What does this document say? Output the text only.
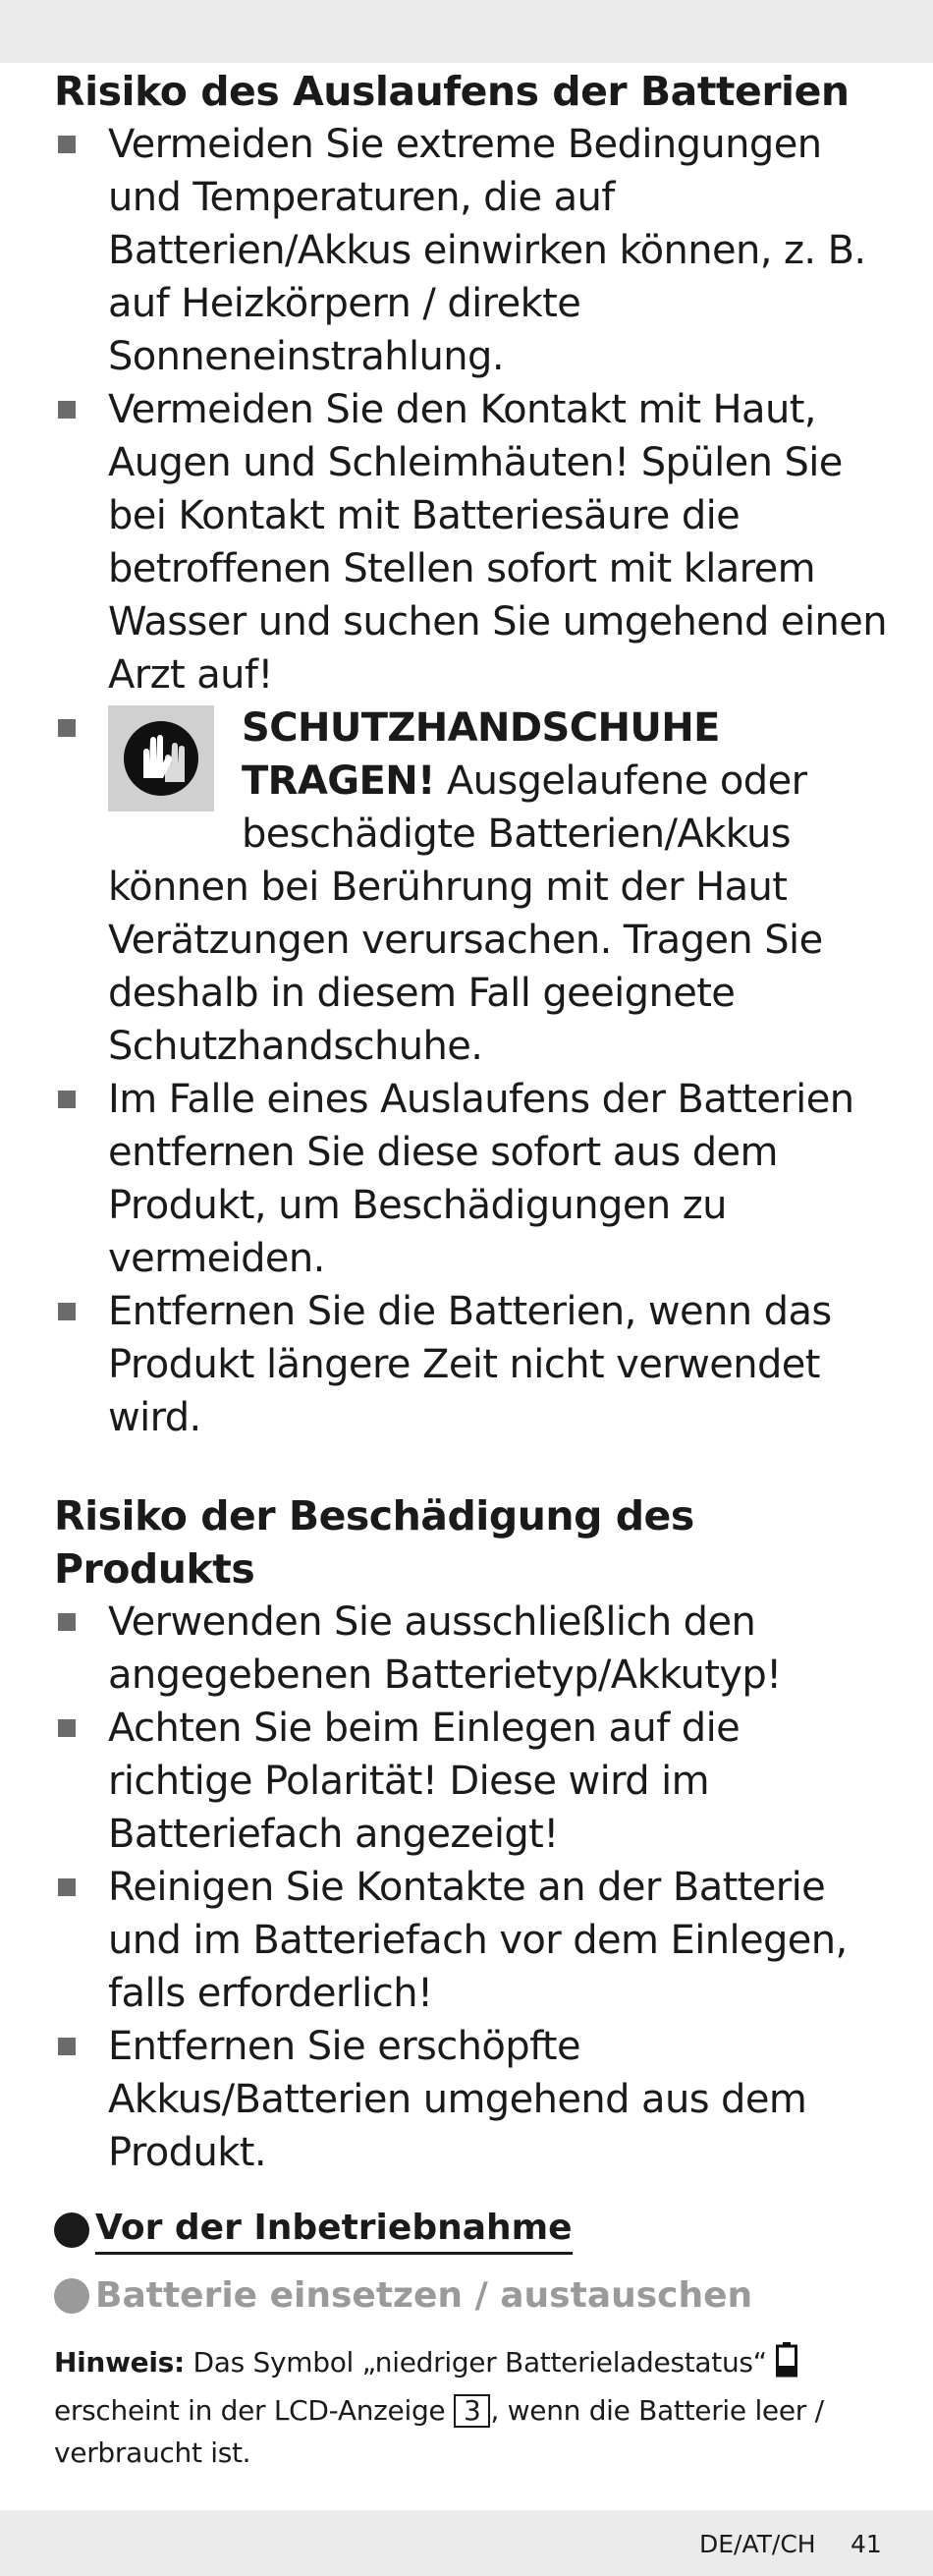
Risiko des Auslaufens der Batterien
Vermeiden Sie extreme Bedingungen und Temperaturen, die auf Batterien/Akkus einwirken können, z. B. auf Heizkörpern / direkte Sonneneinstrahlung.
Vermeiden Sie den Kontakt mit Haut, Augen und Schleimhäuten! Spülen Sie bei Kontakt mit Batteriesäure die betroffenen Stellen sofort mit klarem Wasser und suchen Sie umgehend einen Arzt auf!
SCHUTZHANDSCHUHE TRAGEN! Ausgelaufene oder beschädigte Batterien/Akkus können bei Berührung mit der Haut Verätzungen verursachen. Tragen Sie deshalb in diesem Fall geeignete Schutzhandschuhe.
Im Falle eines Auslaufens der Batterien entfernen Sie diese sofort aus dem Produkt, um Beschädigungen zu vermeiden.
Entfernen Sie die Batterien, wenn das Produkt längere Zeit nicht verwendet wird.
Risiko der Beschädigung des Produkts
Verwenden Sie ausschließlich den angegebenen Batterietyp/Akkutyp!
Achten Sie beim Einlegen auf die richtige Polarität! Diese wird im Batteriefach angezeigt!
Reinigen Sie Kontakte an der Batterie und im Batteriefach vor dem Einlegen, falls erforderlich!
Entfernen Sie erschöpfte Akkus/Batterien umgehend aus dem Produkt.
Vor der Inbetriebnahme
Batterie einsetzen / austauschen
Hinweis: Das Symbol „niedriger Batterieladestatus“  erscheint in der LCD-Anzeige 3 , wenn die Batterie leer / verbraucht ist.
DE/AT/CH 41
